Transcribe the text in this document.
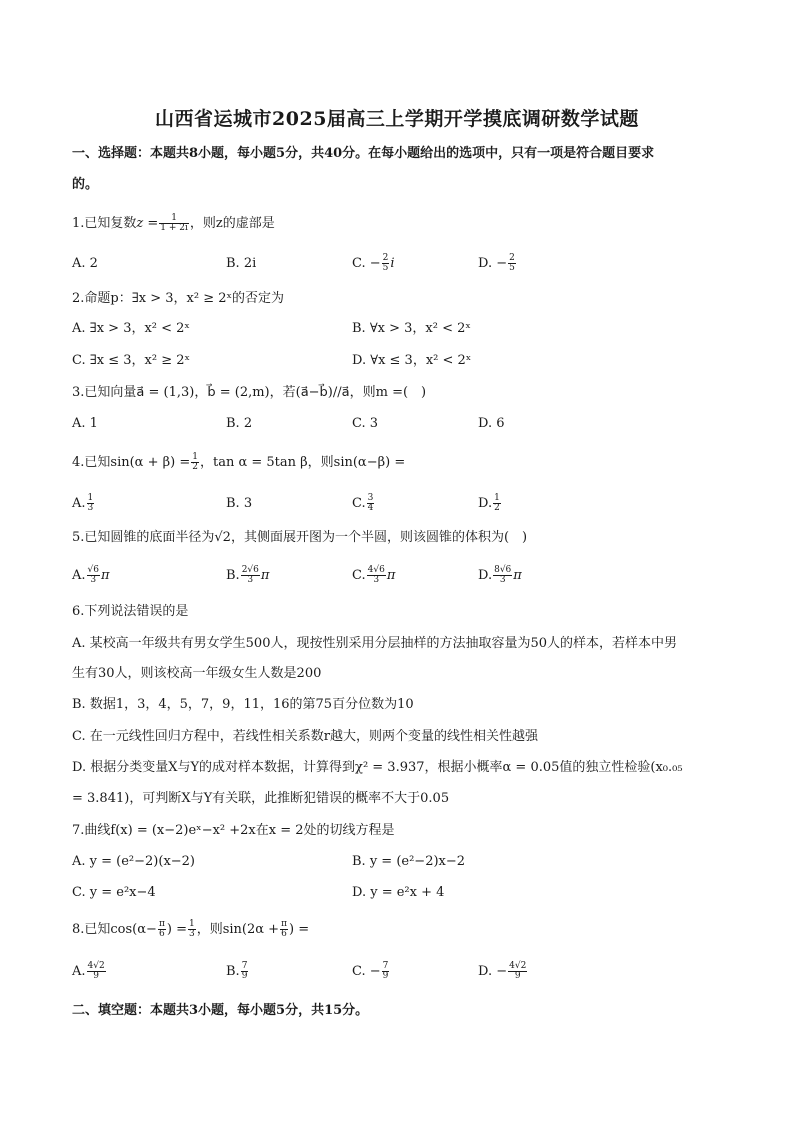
山西省运城市2025届高三上学期开学摸底调研数学试题
一、选择题：本题共8小题，每小题5分，共40分。在每小题给出的选项中，只有一项是符合题目要求
的。
1.已知复数$z = \frac{1}{1 + 2i}$ ，则z的虚部是
A. 2	B. 2i	C. − $\frac{2}{5}$ i	D. − $\frac{2}{5}$
2.命题p：∃x > 3，x² ≥ 2ˣ的否定为
A. ∃x > 3，x² < 2ˣ	B. ∀x > 3，x² < 2ˣ
C. ∃x ≤ 3，x² ≥ 2ˣ	D. ∀x ≤ 3，x² < 2ˣ
3.已知向量a⃗ = (1,3)，b⃗ = (2,m)，若(a⃗−b⃗)//a⃗，则m =(　)
A. 1	B. 2	C. 3	D. 6
4.已知$\sin(\alpha + \beta) = \frac{1}{2}$ ，tan α = 5tan β，则sin(α−β) =
A. $\frac{1}{3}$	B. 3	C. $\frac{3}{4}$	D. $\frac{1}{2}$
5.已知圆锥的底面半径为√2，其侧面展开图为一个半圆，则该圆锥的体积为(　)
A. $\frac{√6}{3}$ π	B. $\frac{2√6}{3}$ π	C. $\frac{4√6}{3}$ π	D. $\frac{8√6}{3}$ π
6.下列说法错误的是
A. 某校高一年级共有男女学生500人，现按性别采用分层抽样的方法抽取容量为50人的样本，若样本中男
生有30人，则该校高一年级女生人数是200
B. 数据1，3，4，5，7，9，11，16的第75百分位数为10
C. 在一元线性回归方程中，若线性相关系数r越大，则两个变量的线性相关性越强
D. 根据分类变量X与Y的成对样本数据，计算得到χ² = 3.937，根据小概率α = 0.05值的独立性检验(x₀.₀₅
= 3.841)，可判断X与Y有关联，此推断犯错误的概率不大于0.05
7.曲线f(x) = (x−2)eˣ−x² +2x在x = 2处的切线方程是
A. y = (e²−2)(x−2)	B. y = (e²−2)x−2
C. y = e²x−4	D. y = e²x + 4
8.已知$\cos(\alpha- \frac{\pi}{6}$ ) = $\frac{1}{3}$ ，则$\sin(2\alpha + \frac{\pi}{6}$ ) =
A. $\frac{4√2}{9}$	B. $\frac{7}{9}$	C. − $\frac{7}{9}$	D. − $\frac{4√2}{9}$
二、填空题：本题共3小题，每小题5分，共15分。
